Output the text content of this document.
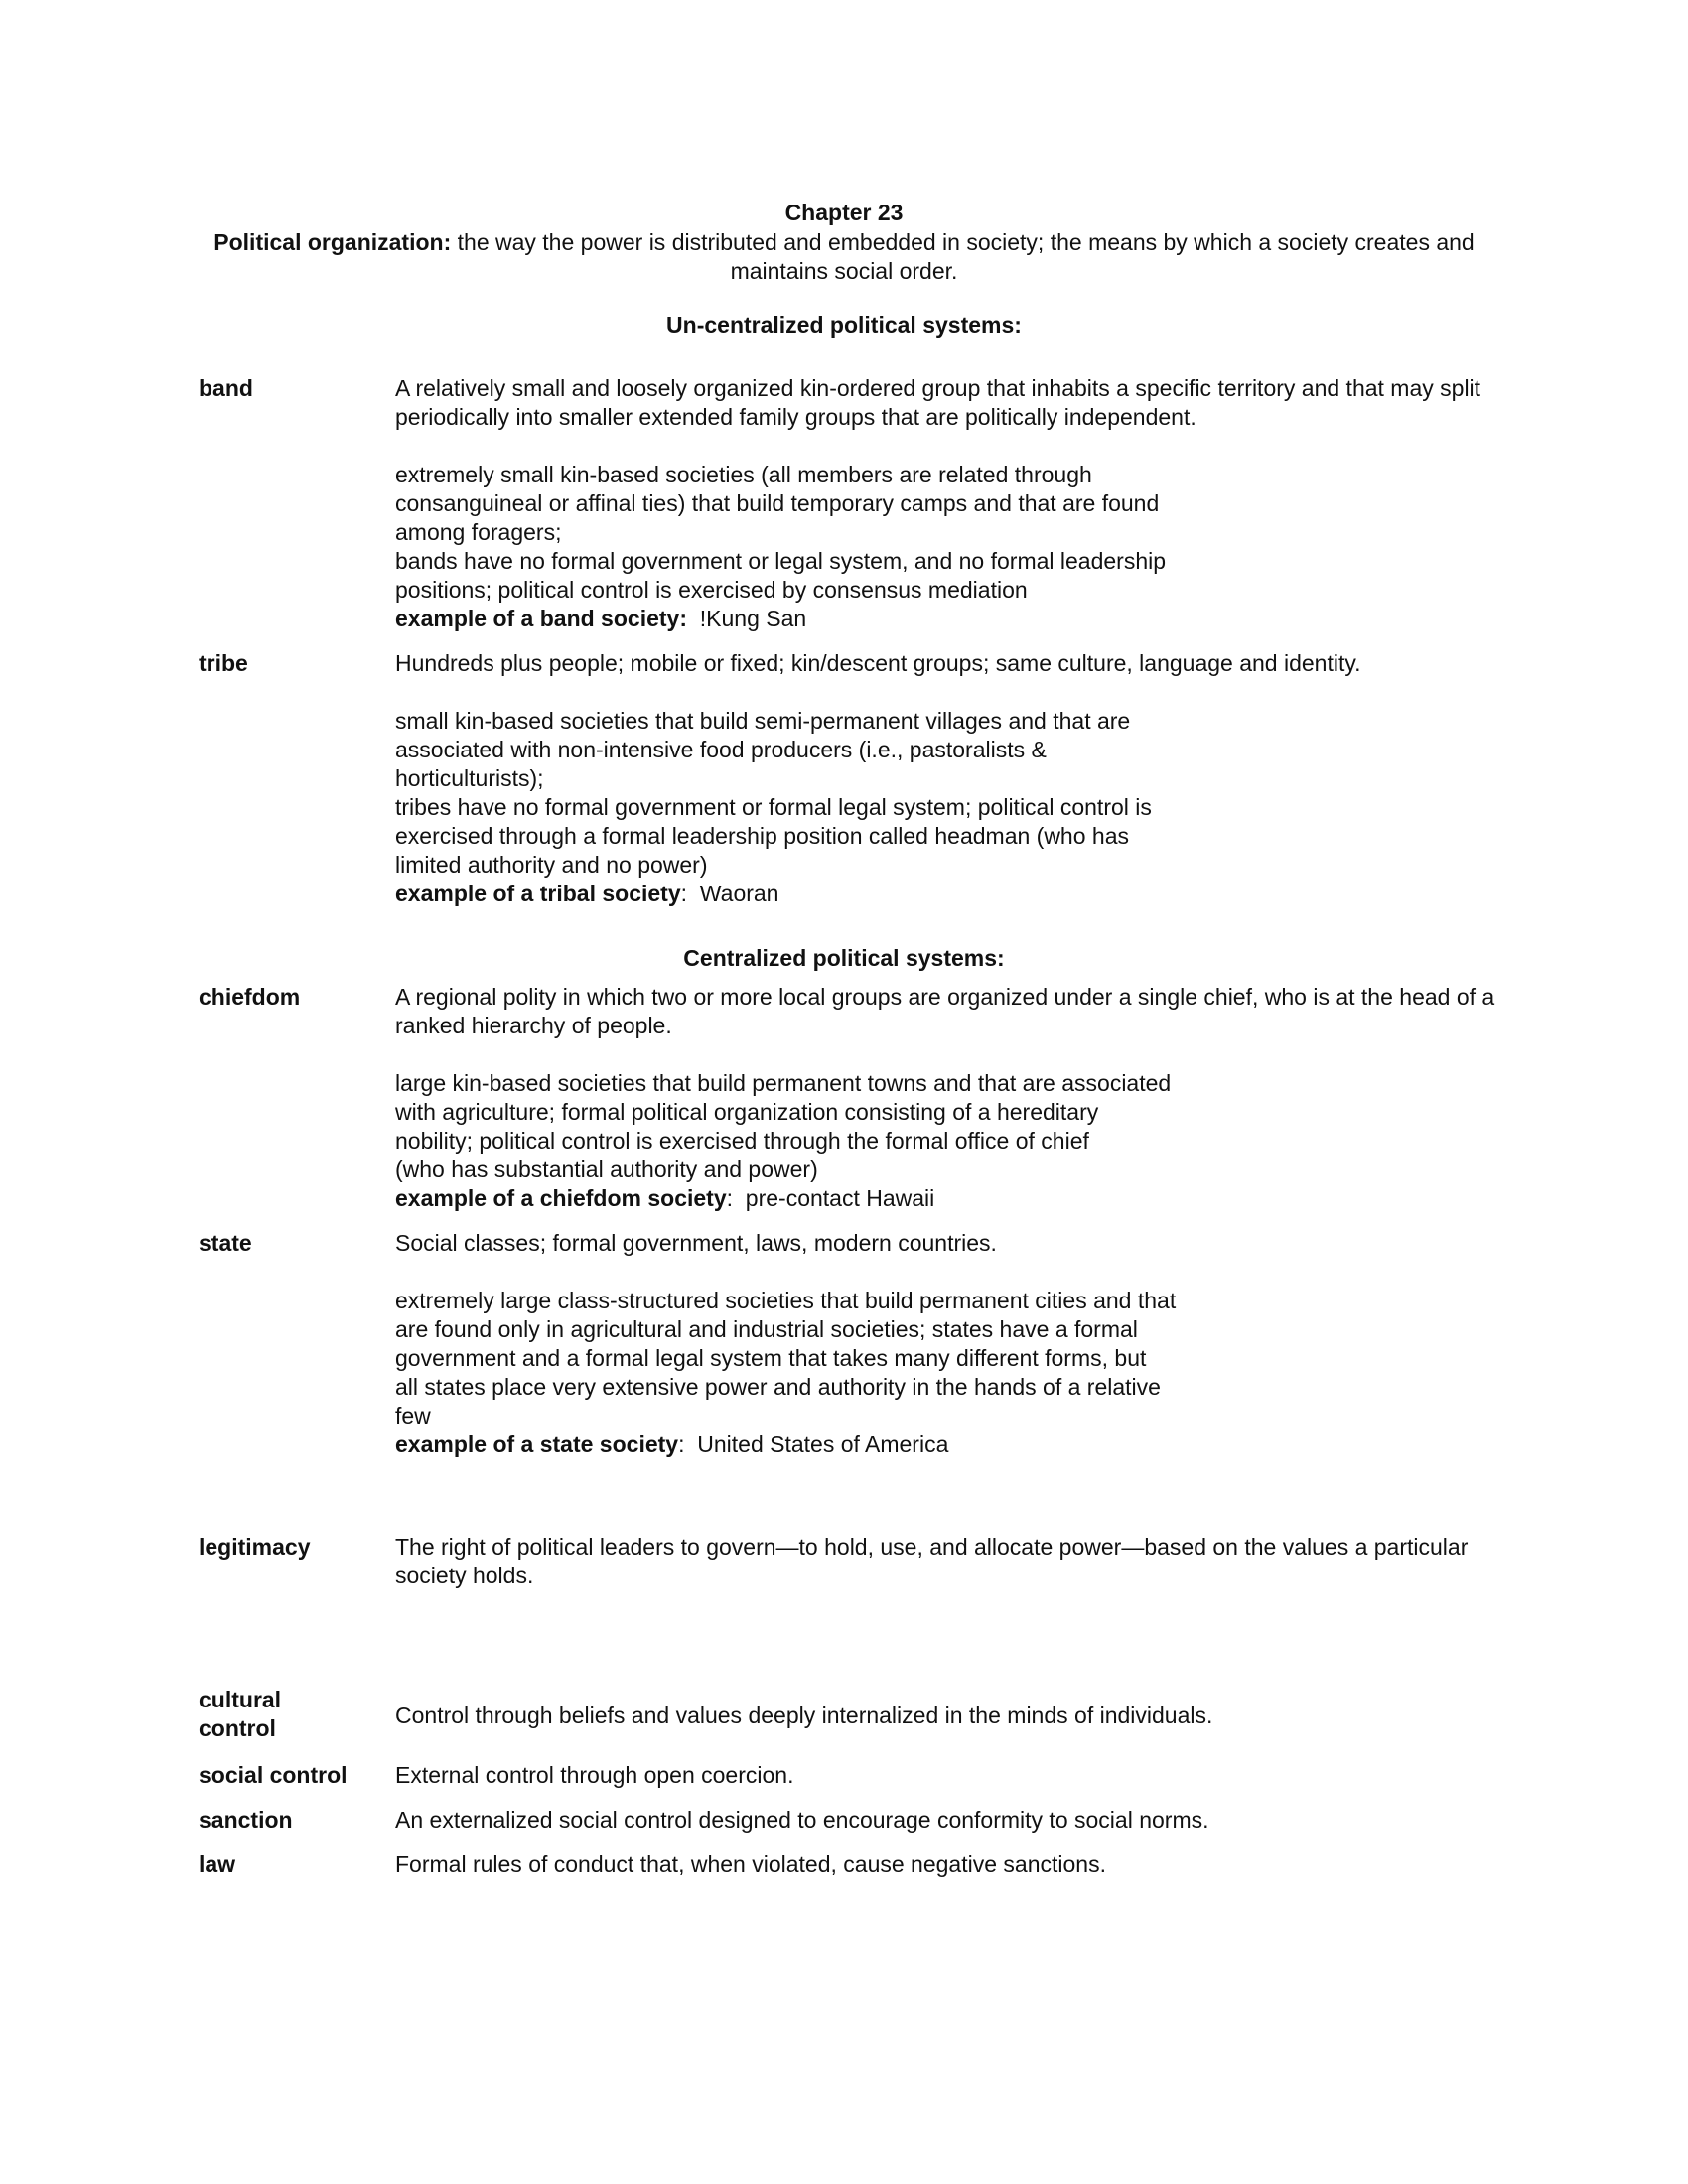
Chapter 23
Political organization: the way the power is distributed and embedded in society; the means by which a society creates and maintains social order.
Un-centralized political systems:
band	A relatively small and loosely organized kin-ordered group that inhabits a specific territory and that may split periodically into smaller extended family groups that are politically independent.
extremely small kin-based societies (all members are related through
consanguineal or affinal ties) that build temporary camps and that are found
among foragers;
bands have no formal government or legal system, and no formal leadership
positions; political control is exercised by consensus mediation
example of a band society:  !Kung San
tribe	Hundreds plus people; mobile or fixed; kin/descent groups; same culture, language and identity.
small kin-based societies that build semi-permanent villages and that are
associated with non-intensive food producers (i.e., pastoralists &
horticulturists);
tribes have no formal government or formal legal system; political control is
exercised through a formal leadership position called headman (who has
limited authority and no power)
example of a tribal society:  Waoran
Centralized political systems:
chiefdom	A regional polity in which two or more local groups are organized under a single chief, who is at the head of a ranked hierarchy of people.
large kin-based societies that build permanent towns and that are associated
with agriculture; formal political organization consisting of a hereditary
nobility; political control is exercised through the formal office of chief
(who has substantial authority and power)
example of a chiefdom society:  pre-contact Hawaii
state	Social classes; formal government, laws, modern countries.
extremely large class-structured societies that build permanent cities and that
are found only in agricultural and industrial societies; states have a formal
government and a formal legal system that takes many different forms, but
all states place very extensive power and authority in the hands of a relative
few
example of a state society:  United States of America
legitimacy	The right of political leaders to govern—to hold, use, and allocate power—based on the values a particular society holds.
cultural control	Control through beliefs and values deeply internalized in the minds of individuals.
social control	External control through open coercion.
sanction	An externalized social control designed to encourage conformity to social norms.
law	Formal rules of conduct that, when violated, cause negative sanctions.
